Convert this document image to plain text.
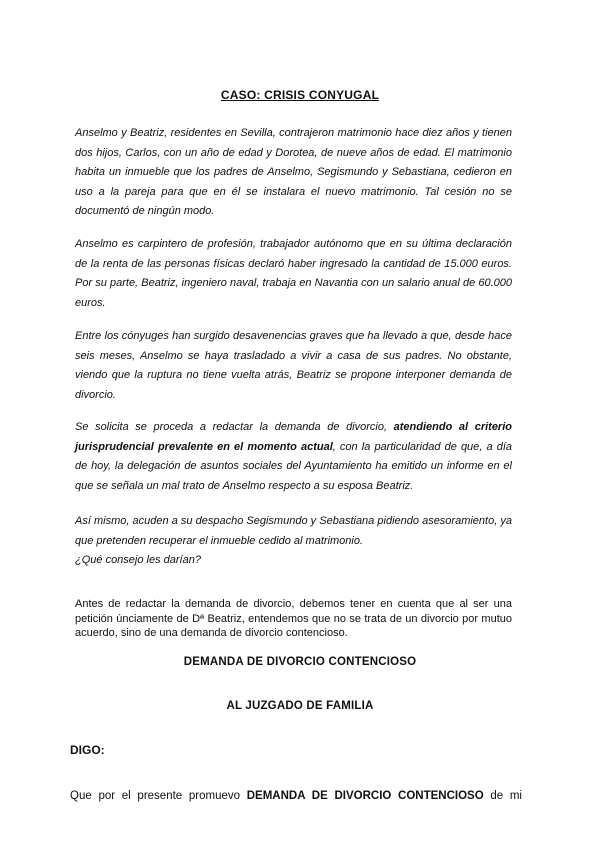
CASO: CRISIS CONYUGAL

Anselmo y Beatriz, residentes en Sevilla, contrajeron matrimonio hace diez años y tienen dos hijos, Carlos, con un año de edad y Dorotea, de nueve años de edad. El matrimonio habita un inmueble que los padres de Anselmo, Segismundo y Sebastiana, cedieron en uso a la pareja para que en él se instalara el nuevo matrimonio. Tal cesión no se documentó de ningún modo.

Anselmo es carpintero de profesión, trabajador autónomo que en su última declaración de la renta de las personas físicas declaró haber ingresado la cantidad de 15.000 euros. Por su parte, Beatriz, ingeniero naval, trabaja en Navantia con un salario anual de 60.000 euros.

Entre los cónyuges han surgido desavenencias graves que ha llevado a que, desde hace seis meses, Anselmo se haya trasladado a vivir a casa de sus padres. No obstante, viendo que la ruptura no tiene vuelta atrás, Beatriz se propone interponer demanda de divorcio.

Se solicita se proceda a redactar la demanda de divorcio, atendiendo al criterio jurisprudencial prevalente en el momento actual, con la particularidad de que, a día de hoy, la delegación de asuntos sociales del Ayuntamiento ha emitido un informe en el que se señala un mal trato de Anselmo respecto a su esposa Beatriz.

Así mismo, acuden a su despacho Segismundo y Sebastiana pidiendo asesoramiento, ya que pretenden recuperar el inmueble cedido al matrimonio.
¿Qué consejo les darían?

Antes de redactar la demanda de divorcio, debemos tener en cuenta que al ser una petición únciamente de Dª Beatriz, entendemos que no se trata de un divorcio por mutuo acuerdo, sino de una demanda de divorcio contencioso.

DEMANDA DE DIVORCIO CONTENCIOSO
AL JUZGADO DE FAMILIA
DIGO:
Que por el presente promuevo DEMANDA DE DIVORCIO CONTENCIOSO de mi
